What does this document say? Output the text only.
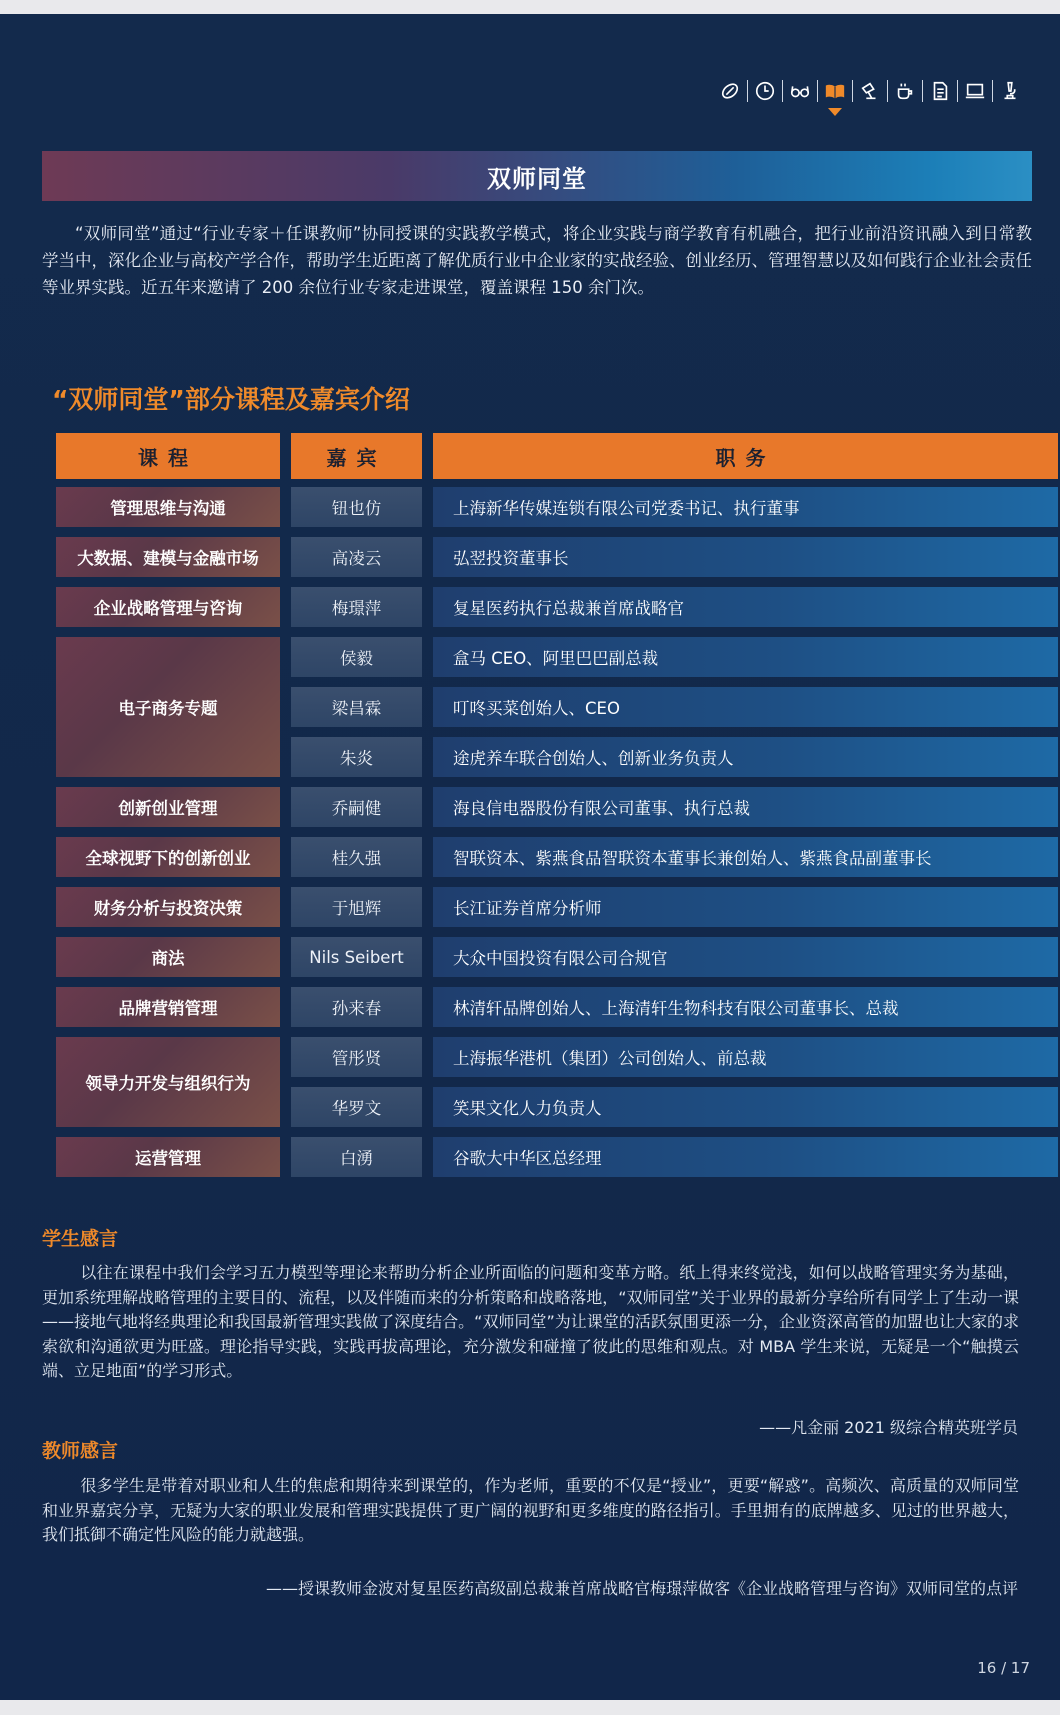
双师同堂

“双师同堂”通过“行业专家＋任课教师”协同授课的实践教学模式，将企业实践与商学教育有机融合，把行业前沿资讯融入到日常教学当中，深化企业与高校产学合作，帮助学生近距离了解优质行业中企业家的实战经验、创业经历、管理智慧以及如何践行企业社会责任等业界实践。近五年来邀请了 200 余位行业专家走进课堂，覆盖课程 150 余门次。

“双师同堂”部分课程及嘉宾介绍
课程	嘉宾	职务
管理思维与沟通	钮也仿	上海新华传媒连锁有限公司党委书记、执行董事
大数据、建模与金融市场	高凌云	弘翌投资董事长
企业战略管理与咨询	梅璟萍	复星医药执行总裁兼首席战略官
电子商务专题
侯毅	盒马 CEO、阿里巴巴副总裁
梁昌霖	叮咚买菜创始人、CEO
朱炎	途虎养车联合创始人、创新业务负责人
创新创业管理	乔嗣健	海良信电器股份有限公司董事、执行总裁
全球视野下的创新创业	桂久强	智联资本、紫燕食品智联资本董事长兼创始人、紫燕食品副董事长
财务分析与投资决策	于旭辉	长江证券首席分析师
商法	Nils Seibert	大众中国投资有限公司合规官
品牌营销管理	孙来春	林清轩品牌创始人、上海清轩生物科技有限公司董事长、总裁
领导力开发与组织行为
管彤贤	上海振华港机（集团）公司创始人、前总裁
华罗文	笑果文化人力负责人
运营管理	白湧	谷歌大中华区总经理
学生感言

以往在课程中我们会学习五力模型等理论来帮助分析企业所面临的问题和变革方略。纸上得来终觉浅，如何以战略管理实务为基础，更加系统理解战略管理的主要目的、流程，以及伴随而来的分析策略和战略落地，“双师同堂”关于业界的最新分享给所有同学上了生动一课——接地气地将经典理论和我国最新管理实践做了深度结合。“双师同堂”为让课堂的活跃氛围更添一分，企业资深高管的加盟也让大家的求索欲和沟通欲更为旺盛。理论指导实践，实践再拔高理论，充分激发和碰撞了彼此的思维和观点。对 MBA 学生来说，无疑是一个“触摸云端、立足地面”的学习形式。

——凡金丽 2021 级综合精英班学员
教师感言

很多学生是带着对职业和人生的焦虑和期待来到课堂的，作为老师，重要的不仅是“授业”，更要“解惑”。高频次、高质量的双师同堂和业界嘉宾分享，无疑为大家的职业发展和管理实践提供了更广阔的视野和更多维度的路径指引。手里拥有的底牌越多、见过的世界越大，我们抵御不确定性风险的能力就越强。

——授课教师金波对复星医药高级副总裁兼首席战略官梅璟萍做客《企业战略管理与咨询》双师同堂的点评
16 / 17
